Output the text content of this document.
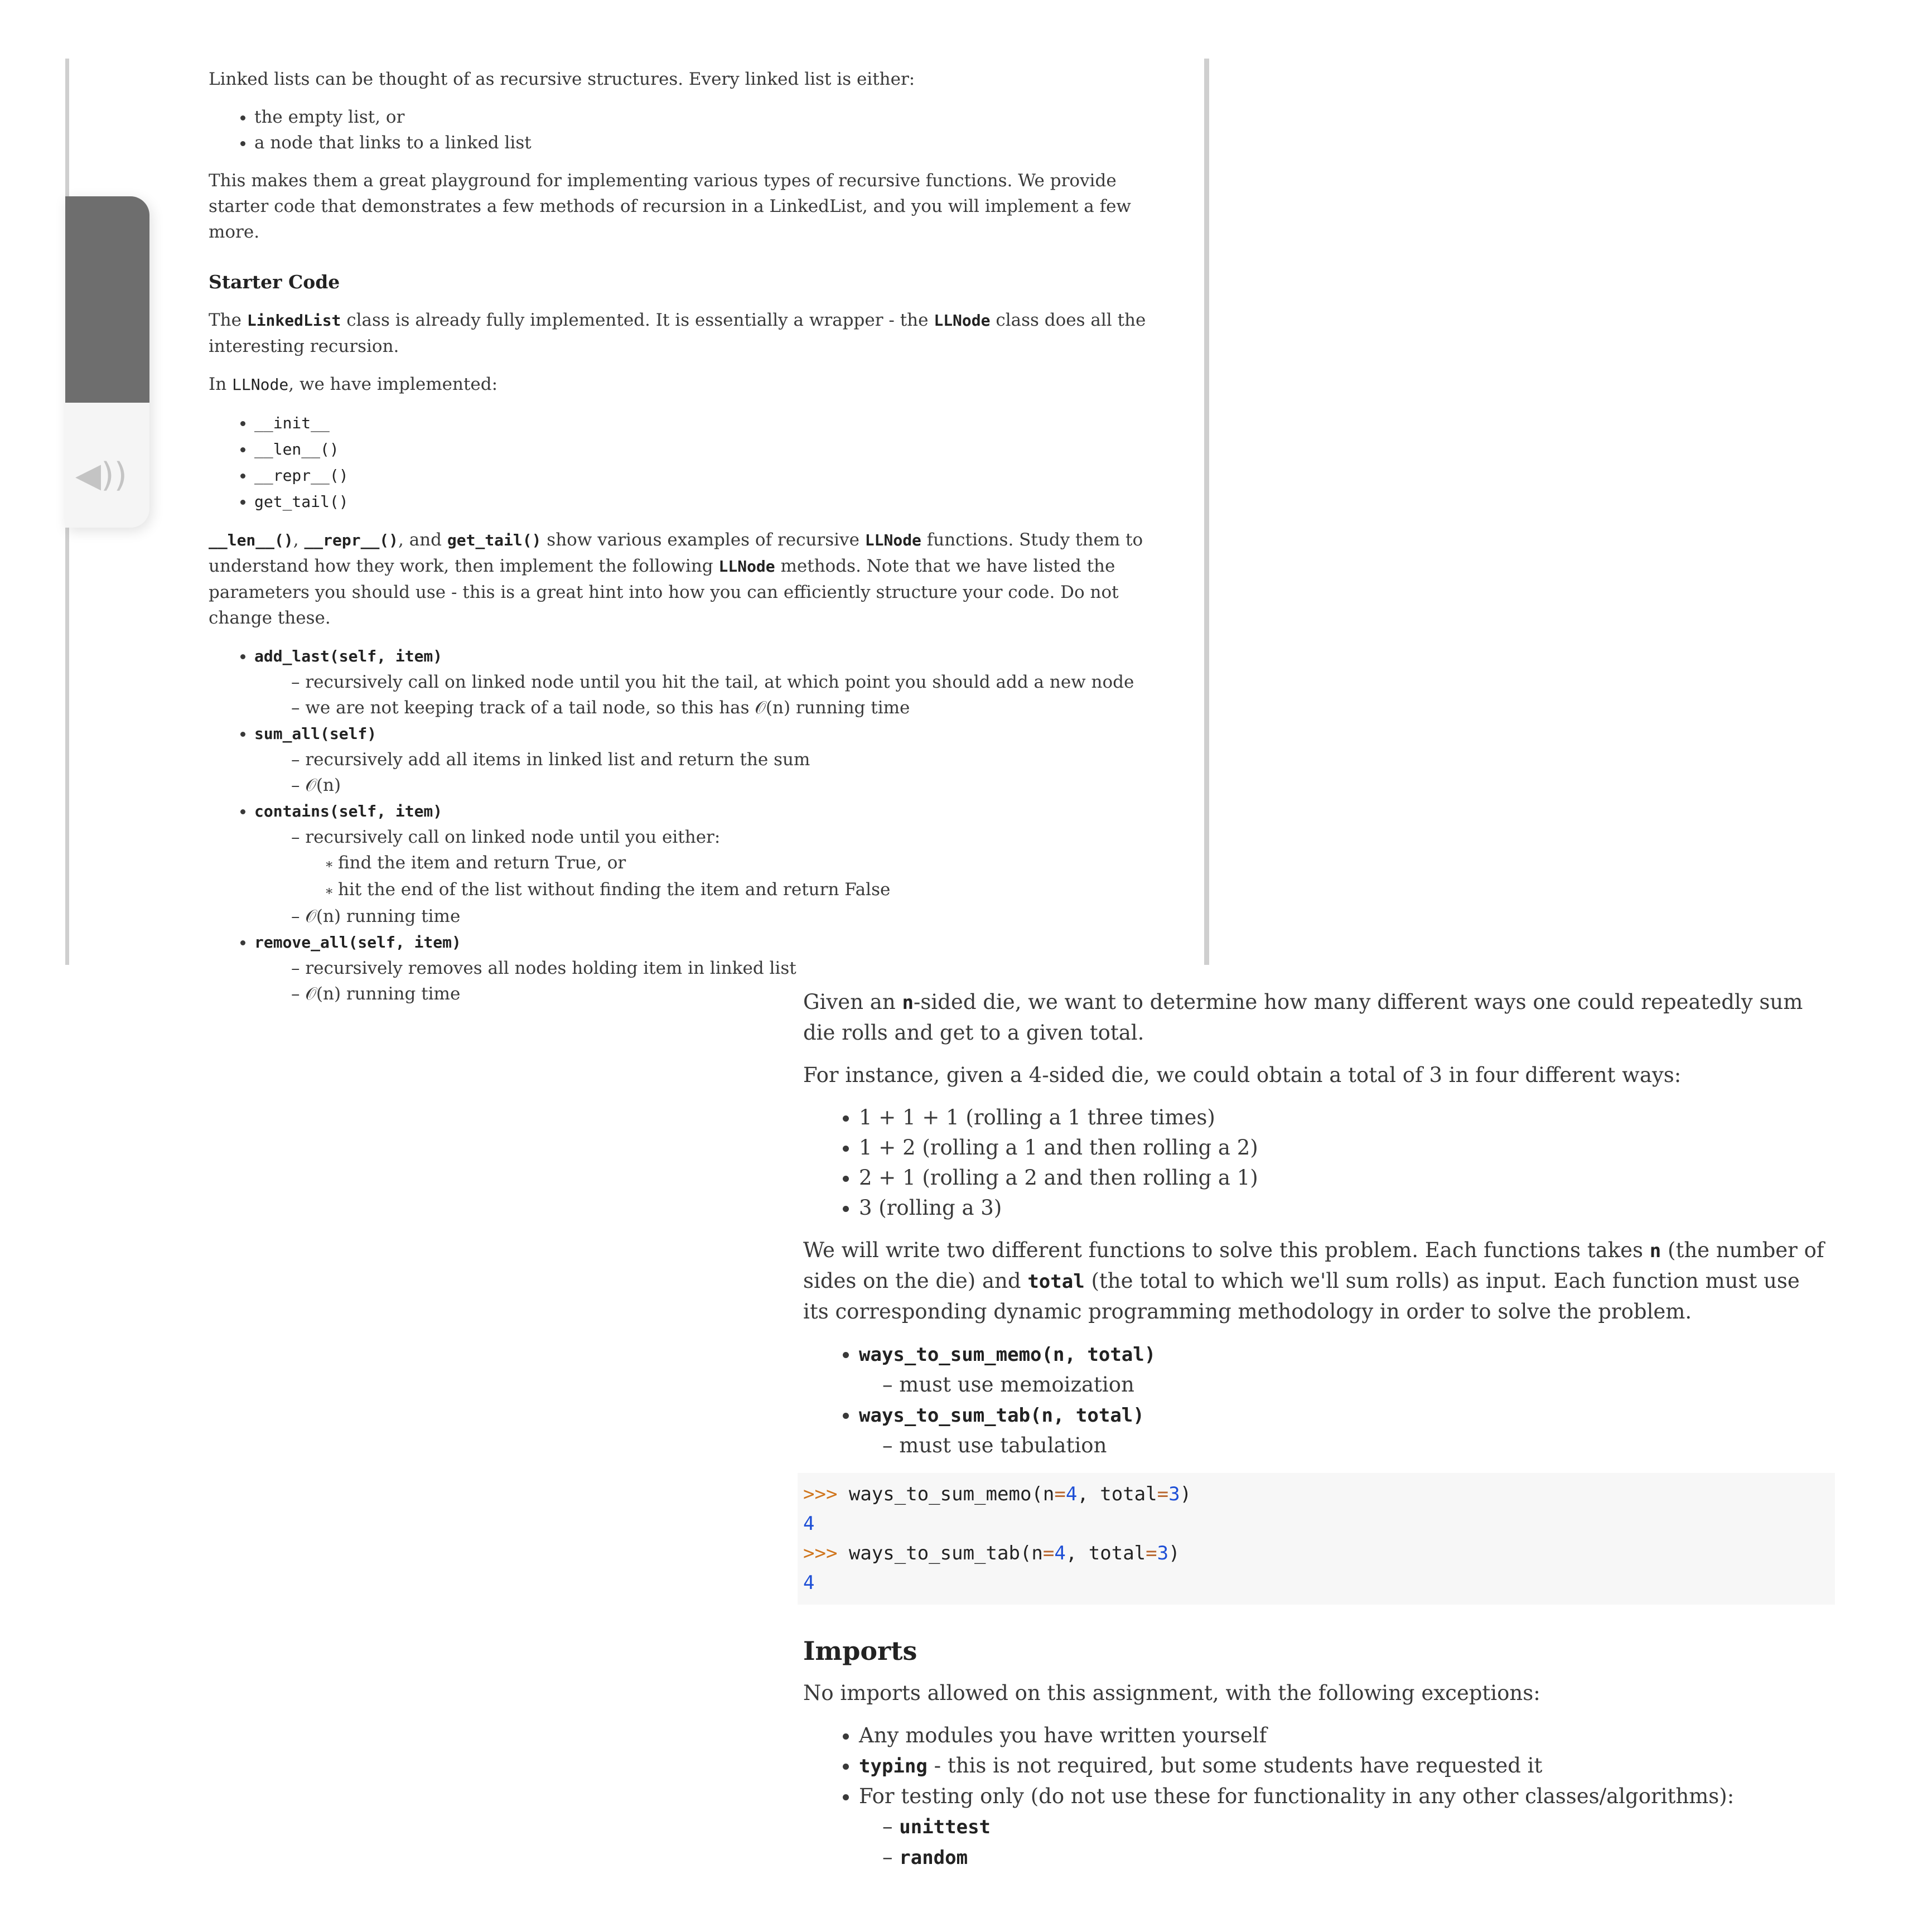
Linked lists can be thought of as recursive structures. Every linked list is either:

• the empty list, or
• a node that links to a linked list

This makes them a great playground for implementing various types of recursive functions. We provide starter code that demonstrates a few methods of recursion in a LinkedList, and you will implement a few more.

Starter Code

The LinkedList class is already fully implemented. It is essentially a wrapper - the LLNode class does all the interesting recursion.

In LLNode, we have implemented:

• __init__
• __len__()
• __repr__()
• get_tail()

__len__(), __repr__(), and get_tail() show various examples of recursive LLNode functions. Study them to understand how they work, then implement the following LLNode methods. Note that we have listed the parameters you should use - this is a great hint into how you can efficiently structure your code. Do not change these.

• add_last(self, item)
– recursively call on linked node until you hit the tail, at which point you should add a new node
– we are not keeping track of a tail node, so this has 𝒪(n) running time
• sum_all(self)
– recursively add all items in linked list and return the sum
– 𝒪(n)
• contains(self, item)
– recursively call on linked node until you either:
∗ find the item and return True, or
∗ hit the end of the list without finding the item and return False
– 𝒪(n) running time
• remove_all(self, item)
– recursively removes all nodes holding item in linked list
– 𝒪(n) running time
◀))

Given an n-sided die, we want to determine how many different ways one could repeatedly sum die rolls and get to a given total.

For instance, given a 4-sided die, we could obtain a total of 3 in four different ways:

• 1 + 1 + 1 (rolling a 1 three times)
• 1 + 2 (rolling a 1 and then rolling a 2)
• 2 + 1 (rolling a 2 and then rolling a 1)
• 3 (rolling a 3)

We will write two different functions to solve this problem. Each functions takes n (the number of sides on the die) and total (the total to which we'll sum rolls) as input. Each function must use its corresponding dynamic programming methodology in order to solve the problem.

• ways_to_sum_memo(n, total)
– must use memoization
• ways_to_sum_tab(n, total)
– must use tabulation
>>> ways_to_sum_memo(n=4, total=3)
4
>>> ways_to_sum_tab(n=4, total=3)
4
Imports

No imports allowed on this assignment, with the following exceptions:

• Any modules you have written yourself
• typing - this is not required, but some students have requested it
• For testing only (do not use these for functionality in any other classes/algorithms):
– unittest
– random
